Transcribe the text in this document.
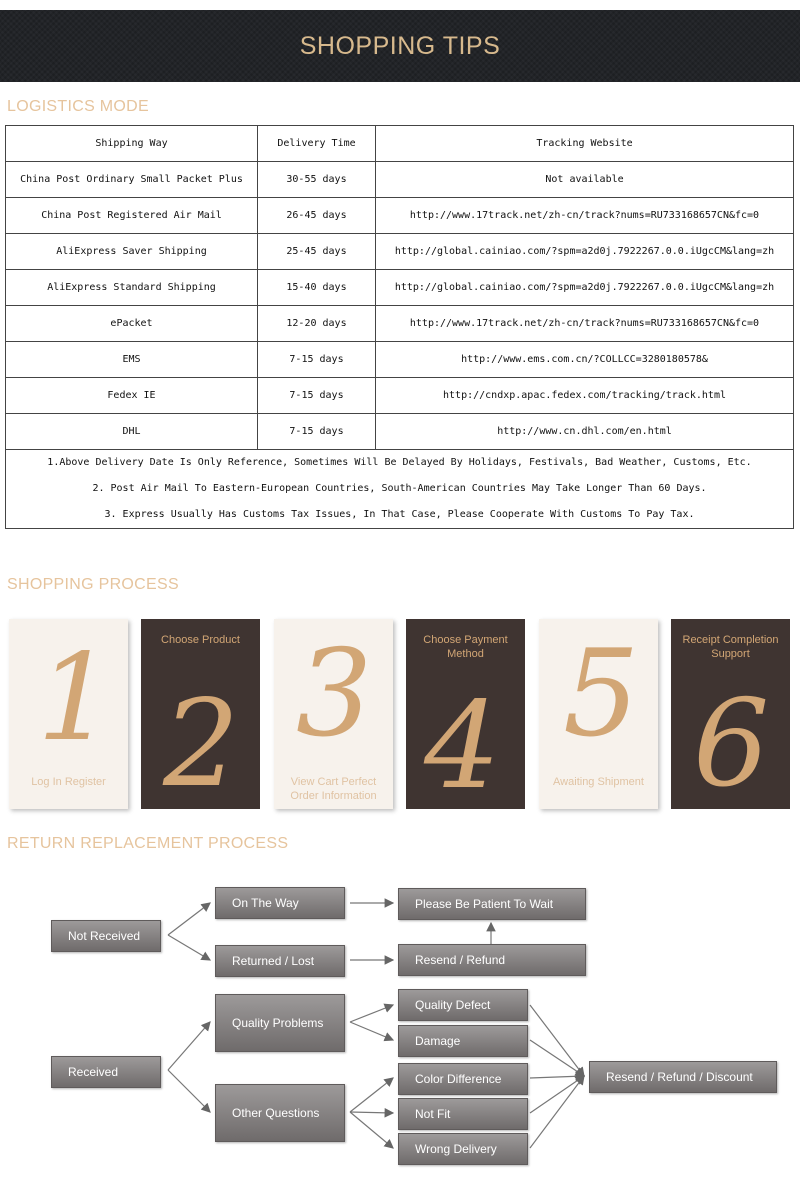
SHOPPING TIPS
LOGISTICS MODE
Shipping Way	Delivery Time	Tracking Website
China Post Ordinary Small Packet Plus	30-55 days	Not available
China Post Registered Air Mail	26-45 days	http://www.17track.net/zh-cn/track?nums=RU733168657CN&fc=0
AliExpress Saver Shipping	25-45 days	http://global.cainiao.com/?spm=a2d0j.7922267.0.0.iUgcCM&lang=zh
AliExpress Standard Shipping	15-40 days	http://global.cainiao.com/?spm=a2d0j.7922267.0.0.iUgcCM&lang=zh
ePacket	12-20 days	http://www.17track.net/zh-cn/track?nums=RU733168657CN&fc=0
EMS	7-15 days	http://www.ems.com.cn/?COLLCC=3280180578&
Fedex IE	7-15 days	http://cndxp.apac.fedex.com/tracking/track.html
DHL	7-15 days	http://www.cn.dhl.com/en.html

1.Above Delivery Date Is Only Reference, Sometimes Will Be Delayed By Holidays, Festivals, Bad Weather, Customs, Etc.
2. Post Air Mail To Eastern-European Countries, South-American Countries May Take Longer Than 60 Days.
3. Express Usually Has Customs Tax Issues, In That Case, Please Cooperate With Customs To Pay Tax.		
SHOPPING PROCESS
1
Log In Register
Choose Product
2 3
View Cart Perfect Order Information
Choose Payment Method
4 5
Awaiting Shipment
Receipt Completion Support
6
RETURN REPLACEMENT PROCESS
Not Received
On The Way
Returned / Lost
Please Be Patient To Wait
Resend / Refund
Received
Quality Problems
Other Questions
Quality Defect
Damage
Color Difference
Not Fit
Wrong Delivery
Resend / Refund / Discount
